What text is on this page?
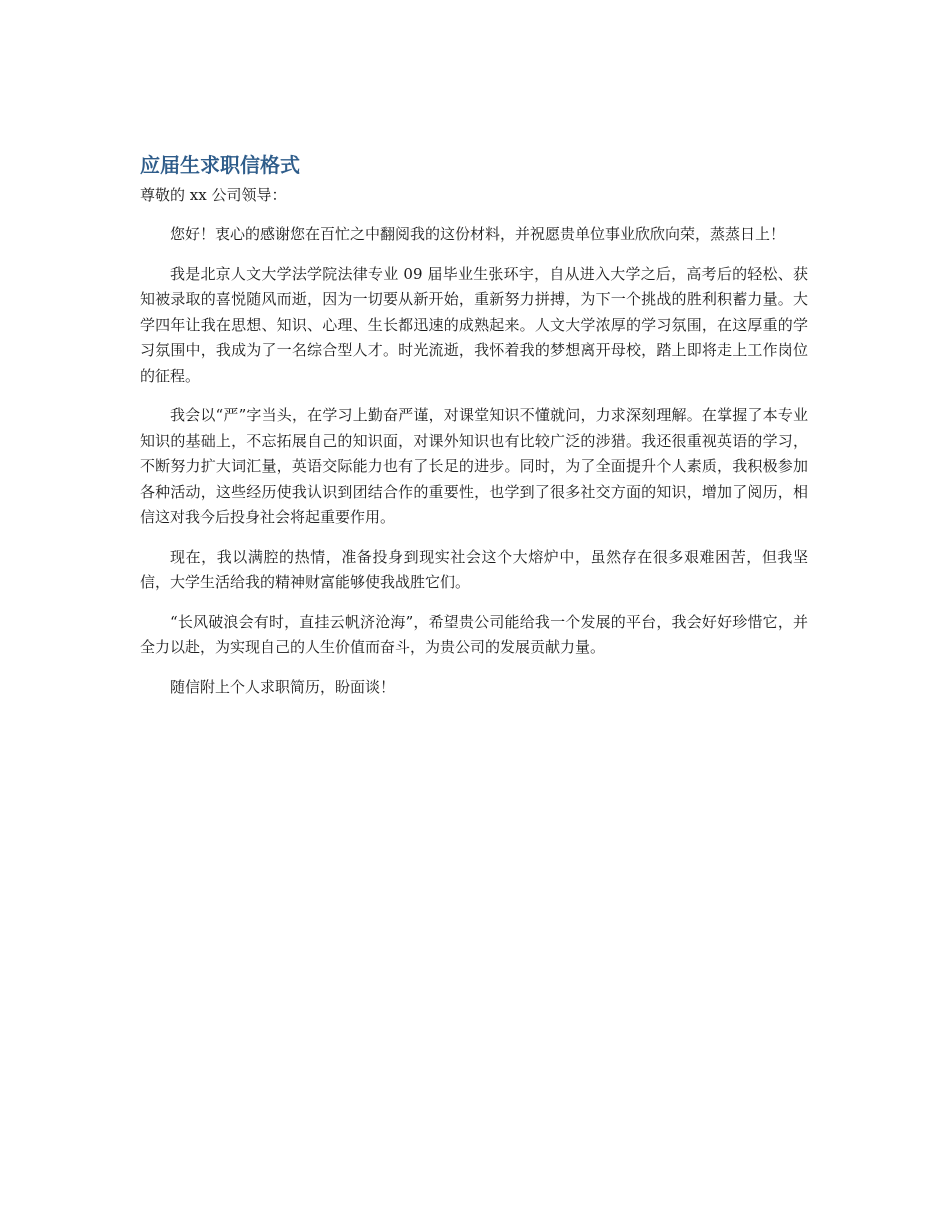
应届生求职信格式

尊敬的 xx 公司领导：

您好！衷心的感谢您在百忙之中翻阅我的这份材料，并祝愿贵单位事业欣欣向荣，蒸蒸日上！

我是北京人文大学法学院法律专业 09 届毕业生张环宇，自从进入大学之后，高考后的轻松、获知被录取的喜悦随风而逝，因为一切要从新开始，重新努力拼搏，为下一个挑战的胜利积蓄力量。大学四年让我在思想、知识、心理、生长都迅速的成熟起来。人文大学浓厚的学习氛围，在这厚重的学习氛围中，我成为了一名综合型人才。时光流逝，我怀着我的梦想离开母校，踏上即将走上工作岗位的征程。

我会以“严”字当头，在学习上勤奋严谨，对课堂知识不懂就问，力求深刻理解。在掌握了本专业知识的基础上，不忘拓展自己的知识面，对课外知识也有比较广泛的涉猎。我还很重视英语的学习，不断努力扩大词汇量，英语交际能力也有了长足的进步。同时，为了全面提升个人素质，我积极参加各种活动，这些经历使我认识到团结合作的重要性，也学到了很多社交方面的知识，增加了阅历，相信这对我今后投身社会将起重要作用。

现在，我以满腔的热情，准备投身到现实社会这个大熔炉中，虽然存在很多艰难困苦，但我坚信，大学生活给我的精神财富能够使我战胜它们。

“长风破浪会有时，直挂云帆济沧海”，希望贵公司能给我一个发展的平台，我会好好珍惜它，并全力以赴，为实现自己的人生价值而奋斗，为贵公司的发展贡献力量。

随信附上个人求职简历，盼面谈！
